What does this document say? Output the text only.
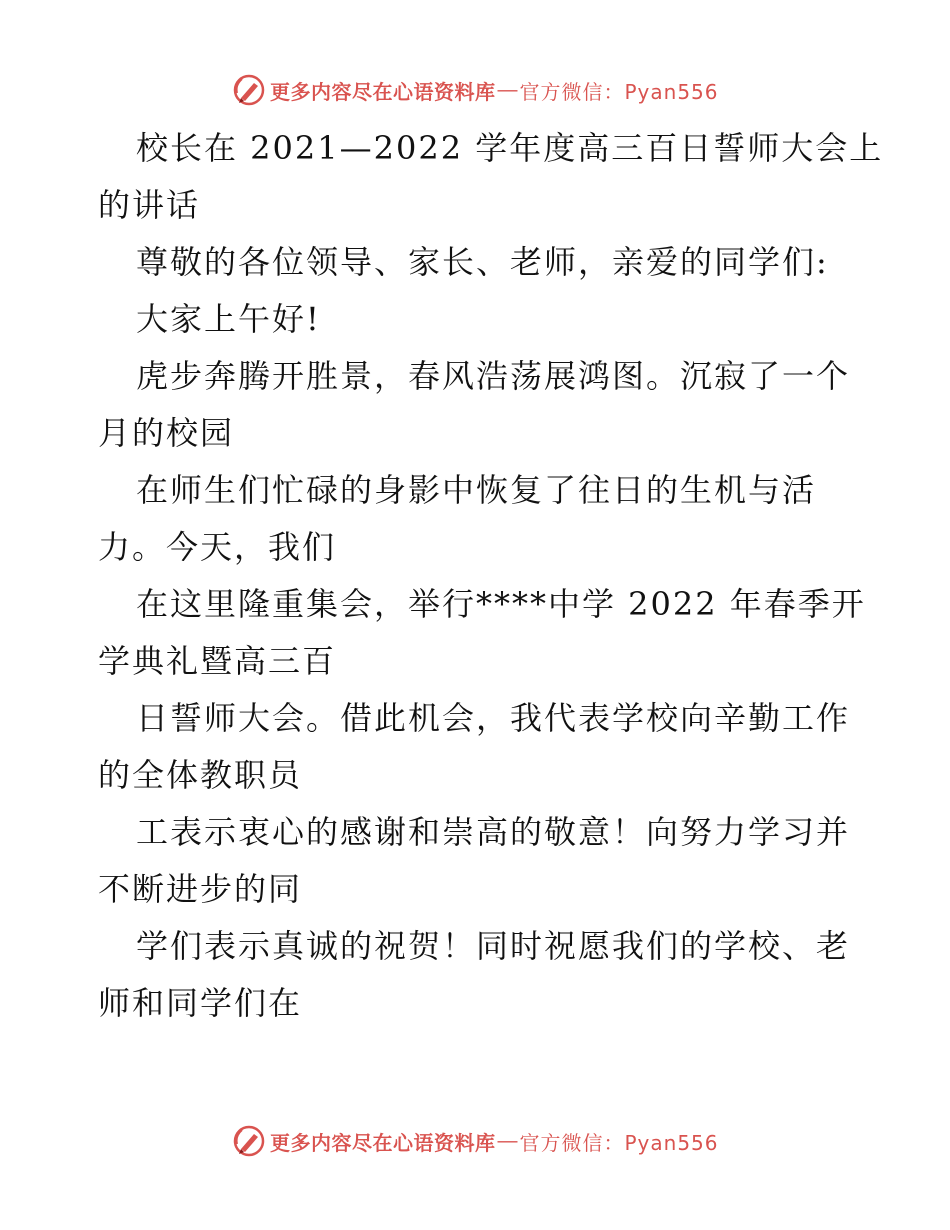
更多内容尽在心语资料库 — 官方微信：Pyan556
校长在 2021—2022 学年度高三百日誓师大会上
的讲话
尊敬的各位领导、家长、老师，亲爱的同学们:
大家上午好!
虎步奔腾开胜景，春风浩荡展鸿图。沉寂了一个
月的校园
在师生们忙碌的身影中恢复了往日的生机与活
力。今天，我们
在这里隆重集会，举行****中学 2022 年春季开
学典礼暨高三百
日誓师大会。借此机会，我代表学校向辛勤工作
的全体教职员
工表示衷心的感谢和崇高的敬意！向努力学习并
不断进步的同
学们表示真诚的祝贺！同时祝愿我们的学校、老
师和同学们在
更多内容尽在心语资料库 — 官方微信：Pyan556
